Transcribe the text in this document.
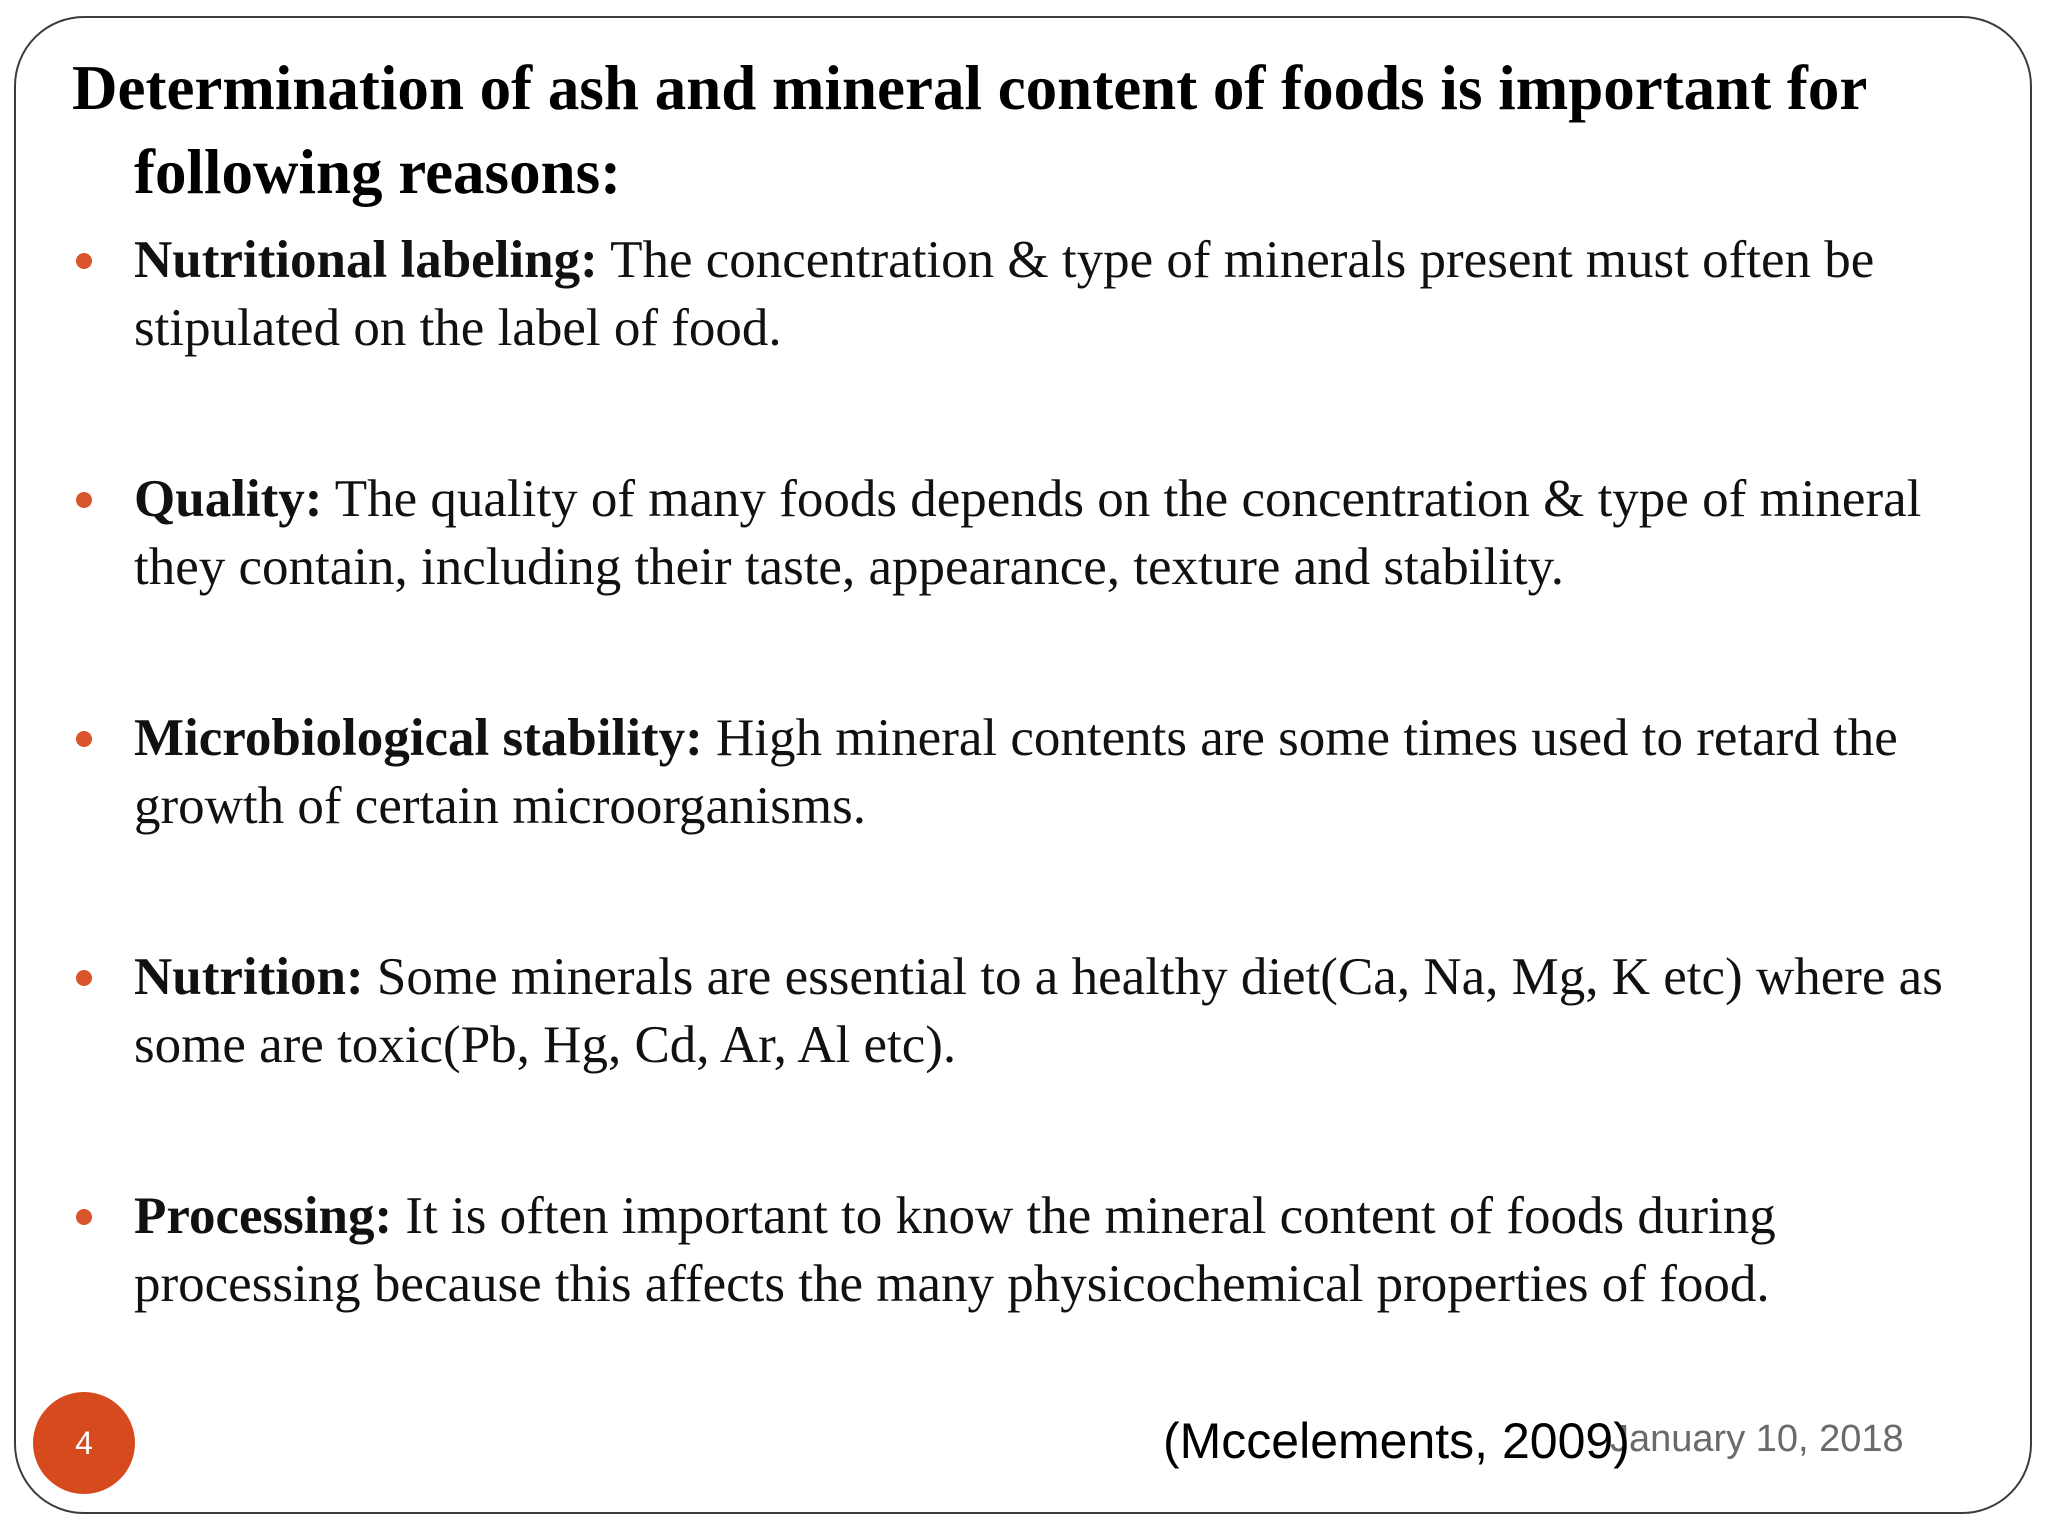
Determination of ash and mineral content of foods is important for following reasons:
Nutritional labeling: The concentration & type of minerals present must often be stipulated on the label of food.
Quality: The quality of many foods depends on the concentration & type of mineral they contain, including their taste, appearance, texture and stability.
Microbiological stability: High mineral contents are some times used to retard the growth of certain microorganisms.
Nutrition: Some minerals are essential to a healthy diet(Ca, Na, Mg, K etc) where as some are toxic(Pb, Hg, Cd, Ar, Al etc).
Processing: It is often important to know the mineral content of foods during processing because this affects the many physicochemical properties of food.
4	January 10, 2018
(Mccelements, 2009)
